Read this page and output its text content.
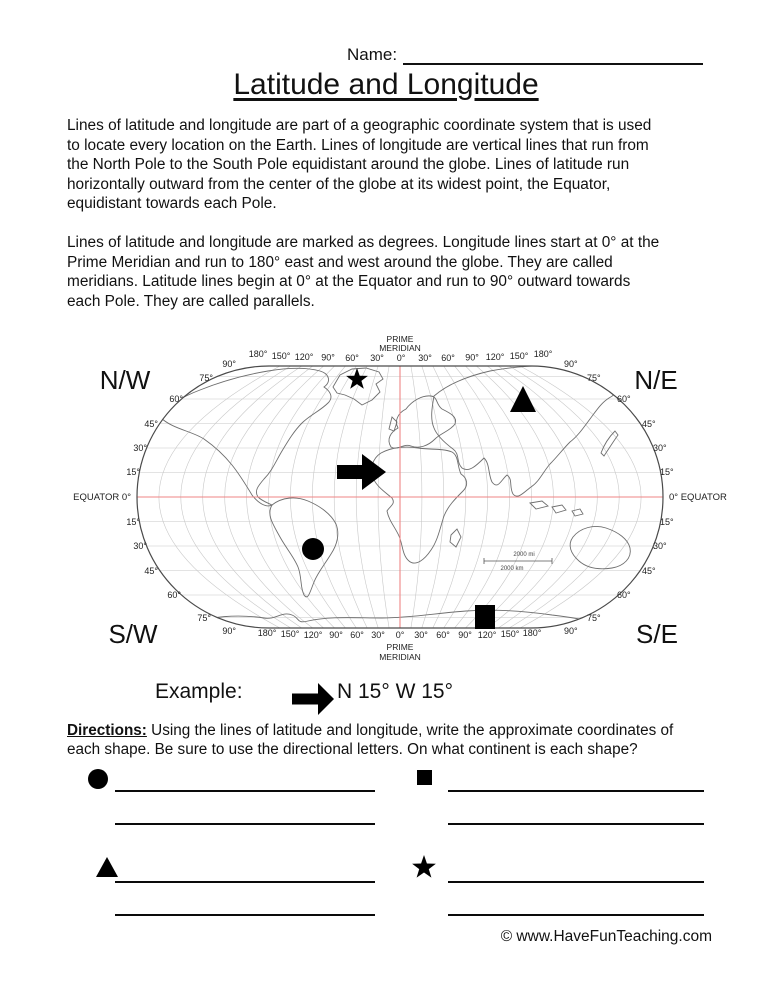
Name:
Latitude and Longitude
Lines of latitude and longitude are part of a geographic coordinate system that is used
to locate every location on the Earth. Lines of longitude are vertical lines that run from
the North Pole to the South Pole equidistant around the globe. Lines of latitude run
horizontally outward from the center of the globe at its widest point, the Equator,
equidistant towards each Pole.
Lines of latitude and longitude are marked as degrees. Longitude lines start at 0° at the
Prime Meridian and run to 180° east and west around the globe. They are called
meridians. Latitude lines begin at 0° at the Equator and run to 90° outward towards
each Pole. They are called parallels.
2000 mi
2000 km
PRIME
MERIDIAN
PRIME
MERIDIAN
EQUATOR 0°	0° EQUATOR
N/W	N/E
S/W	S/E
180° 150° 120° 90° 60° 30° 0° 30° 60° 90° 120° 150° 180°
180° 150° 120° 90° 60° 30° 0° 30° 60° 90° 120° 150° 180°
90°
75°
60°
45°
30°
15°
15°
30°
45°
60°
75°
90°
90°
75°
60°
45°
30°
15°
15°
30°
45°
60°
75°
90°
Example:	N 15° W 15°
Directions: Using the lines of latitude and longitude, write the approximate coordinates of
each shape. Be sure to use the directional letters. On what continent is each shape?
© www.HaveFunTeaching.com
